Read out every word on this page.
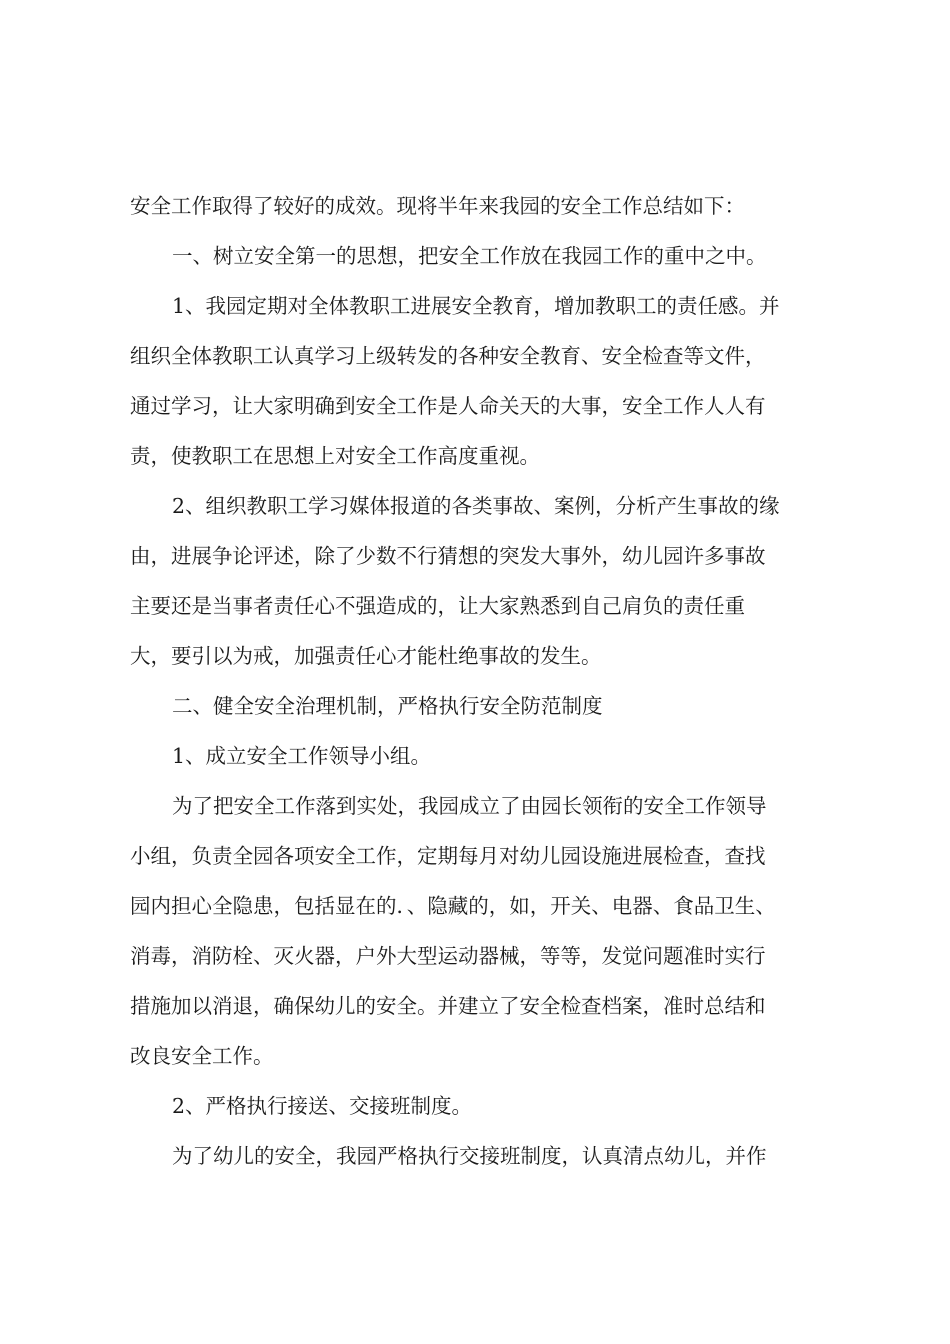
安全工作取得了较好的成效。现将半年来我园的安全工作总结如下：
一、树立安全第一的思想，把安全工作放在我园工作的重中之中。
1、我园定期对全体教职工进展安全教育，增加教职工的责任感。并
组织全体教职工认真学习上级转发的各种安全教育、安全检查等文件，
通过学习，让大家明确到安全工作是人命关天的大事，安全工作人人有
责，使教职工在思想上对安全工作高度重视。
2、组织教职工学习媒体报道的各类事故、案例，分析产生事故的缘
由，进展争论评述，除了少数不行猜想的突发大事外，幼儿园许多事故
主要还是当事者责任心不强造成的，让大家熟悉到自己肩负的责任重
大，要引以为戒，加强责任心才能杜绝事故的发生。
二、健全安全治理机制，严格执行安全防范制度
1、成立安全工作领导小组。
为了把安全工作落到实处，我园成立了由园长领衔的安全工作领导
小组，负责全园各项安全工作，定期每月对幼儿园设施进展检查，查找
园内担心全隐患，包括显在的．、隐藏的，如，开关、电器、食品卫生、
消毒，消防栓、灭火器，户外大型运动器械，等等，发觉问题准时实行
措施加以消退，确保幼儿的安全。并建立了安全检查档案，准时总结和
改良安全工作。
2、严格执行接送、交接班制度。
为了幼儿的安全，我园严格执行交接班制度，认真清点幼儿，并作
